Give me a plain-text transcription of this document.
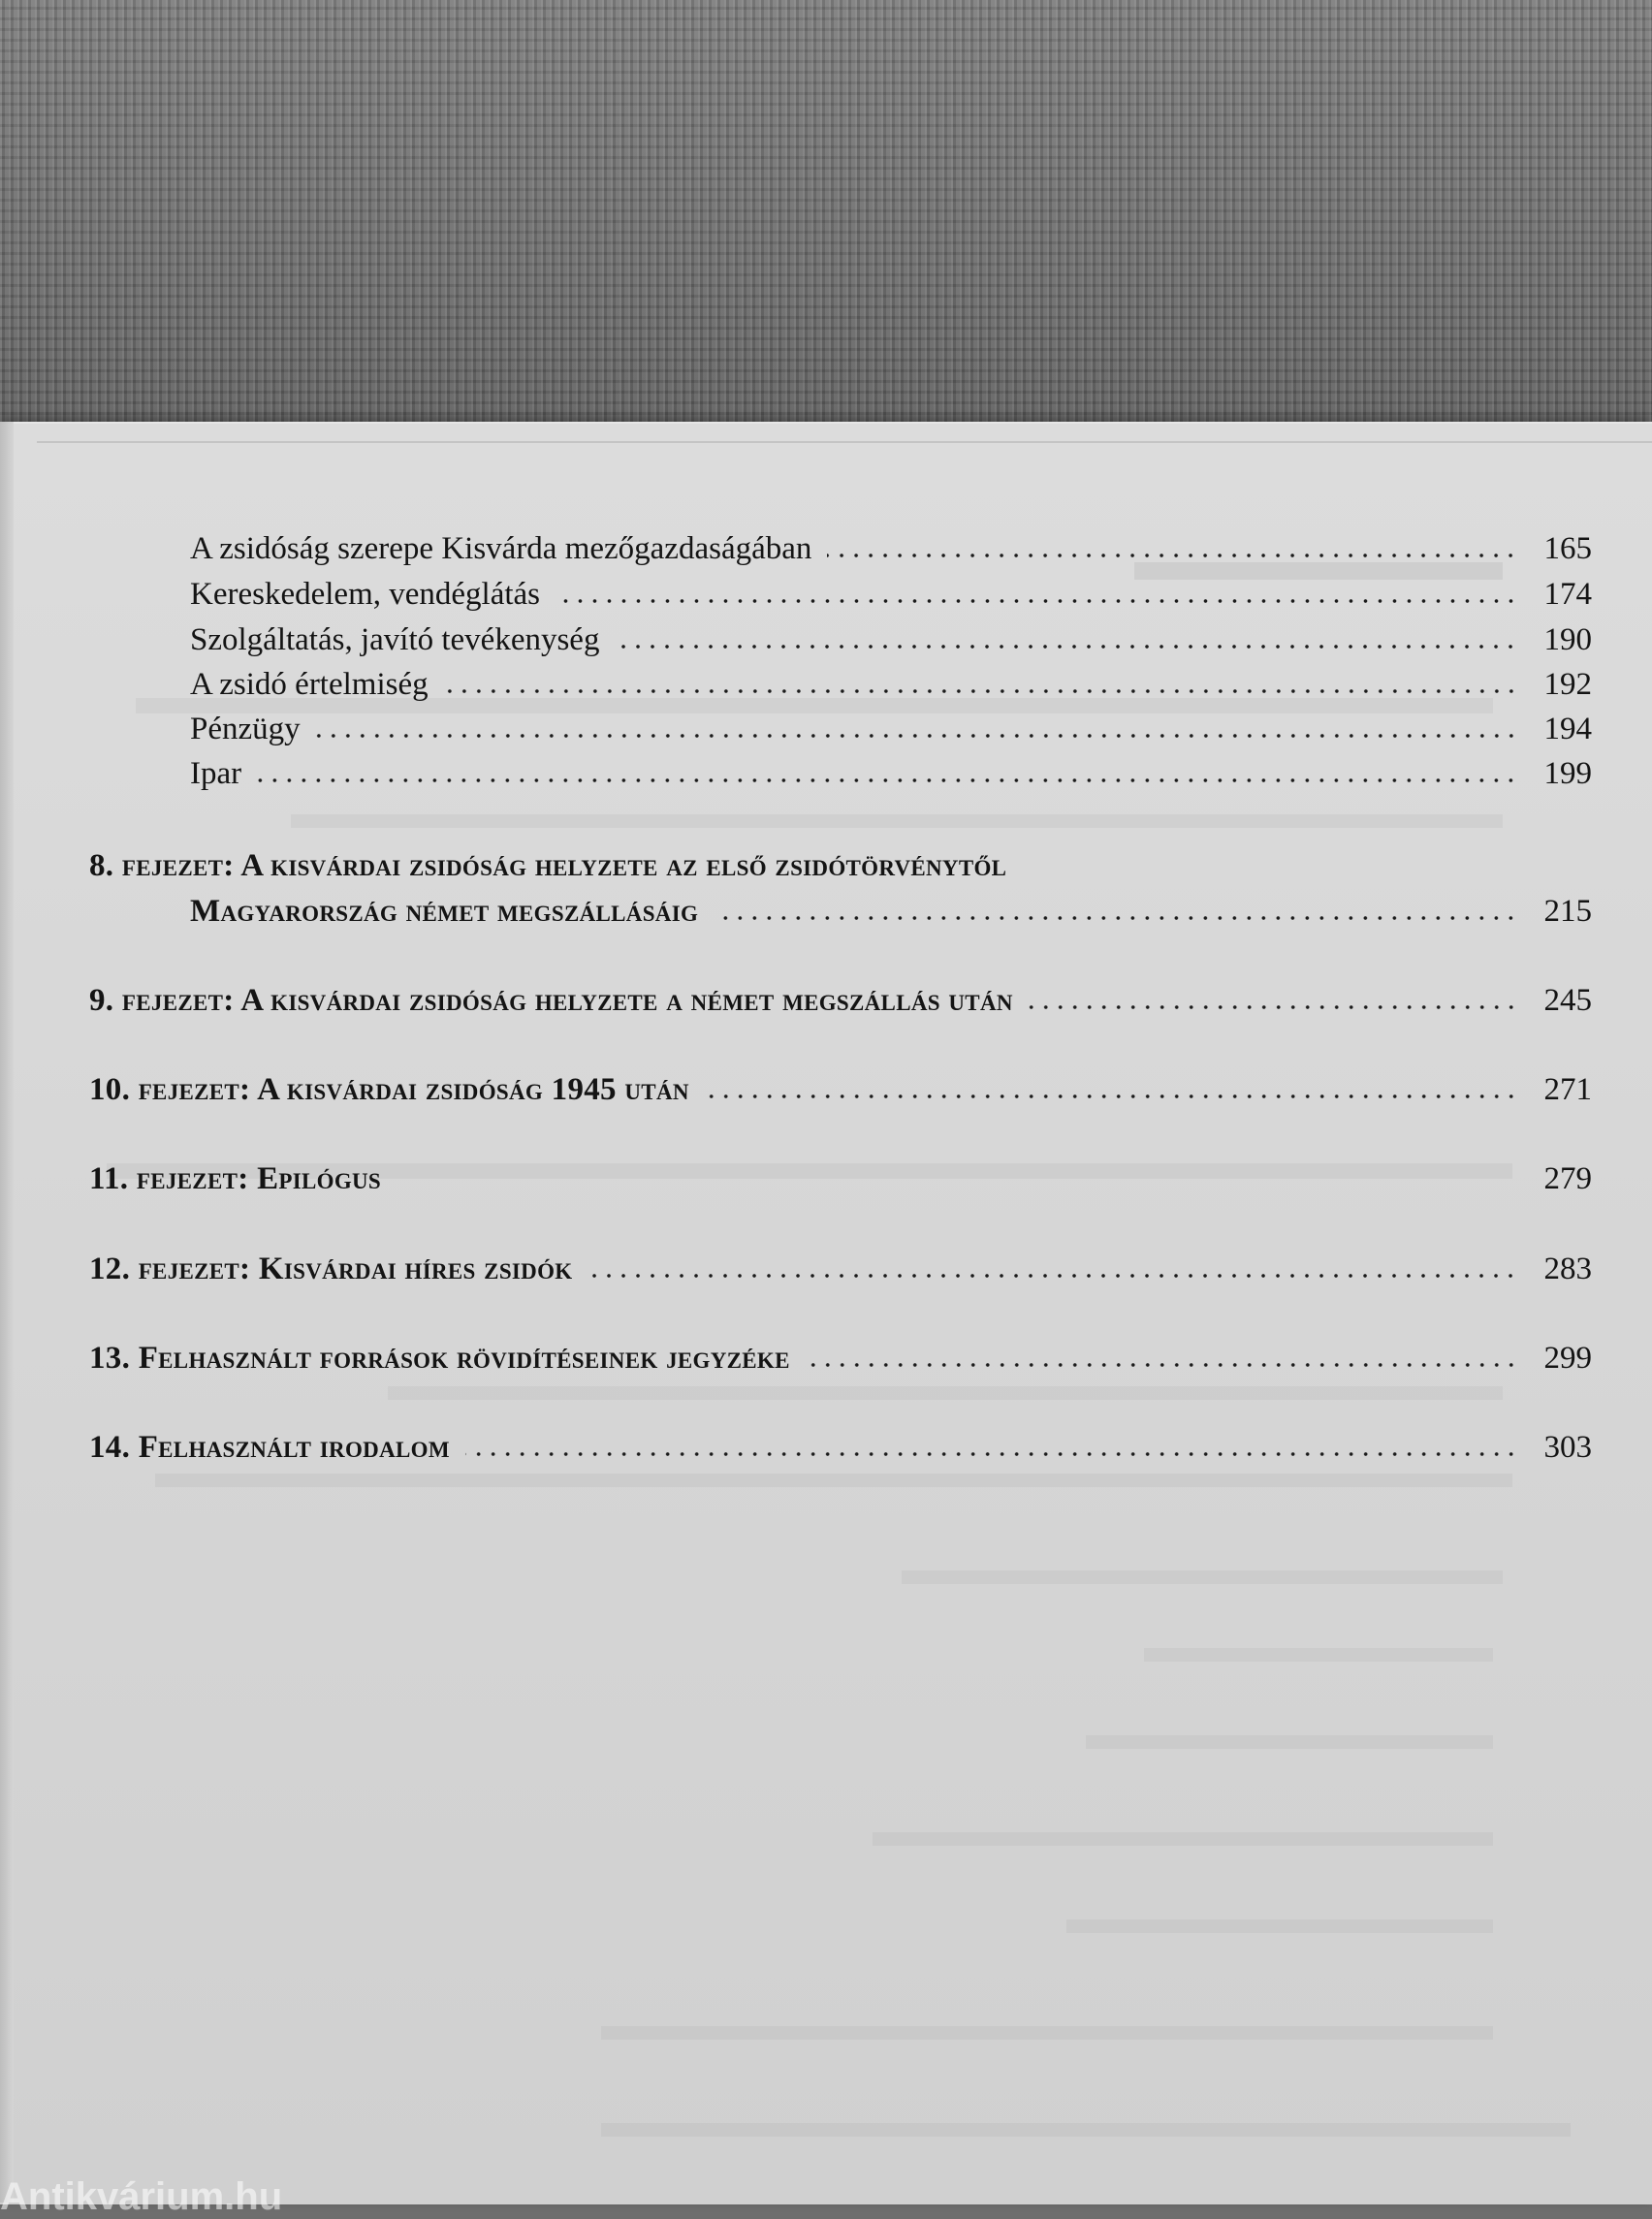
A zsidóság szerepe Kisvárda mezőgazdaságában	165
Kereskedelem, vendéglátás	174
Szolgáltatás, javító tevékenység	190
A zsidó értelmiség	192
Pénzügy	194
Ipar	199
8. fejezet: A kisvárdai zsidóság helyzete az első zsidótörvénytől
Magyarország német megszállásáig	215
9. fejezet: A kisvárdai zsidóság helyzete a német megszállás után	245
10. fejezet: A kisvárdai zsidóság 1945 után	271
11. fejezet: Epilógus	279
12. fejezet: Kisvárdai híres zsidók	283
13. Felhasznált források rövidítéseinek jegyzéke	299
14. Felhasznált irodalom	303
Antikvárium.hu
